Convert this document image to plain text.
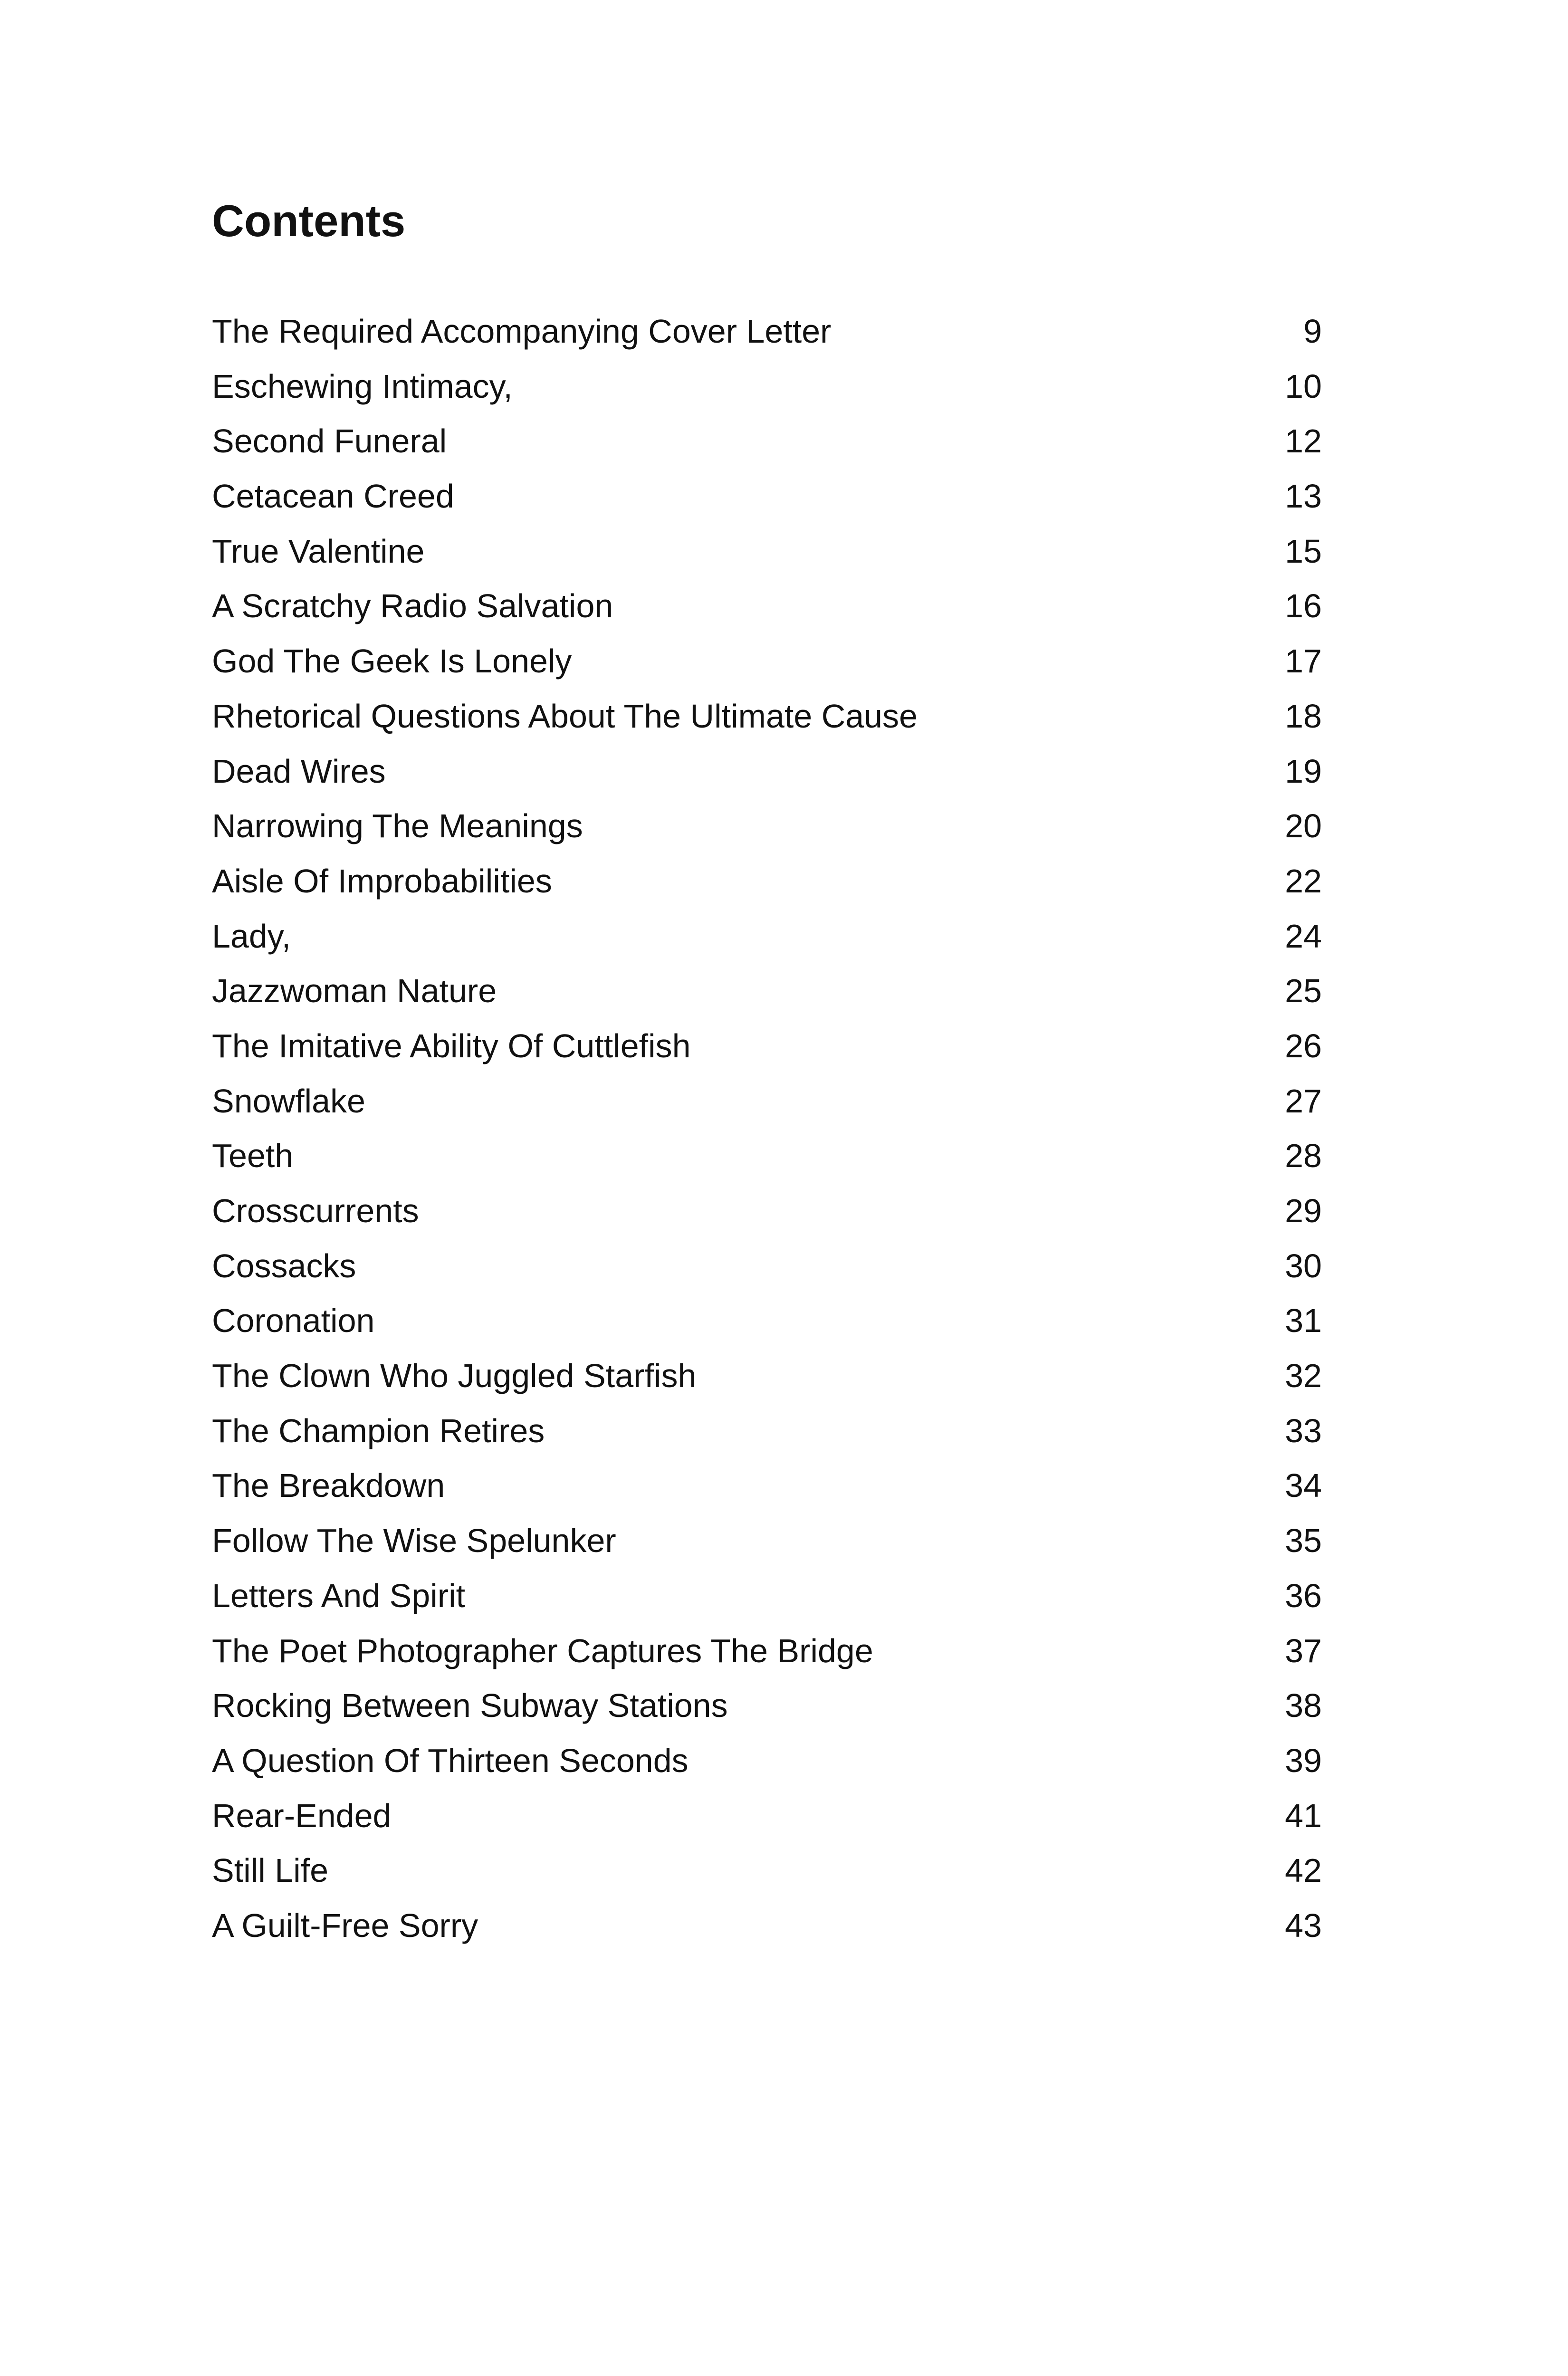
Contents
The Required Accompanying Cover Letter	9
Eschewing Intimacy,	10
Second Funeral	12
Cetacean Creed	13
True Valentine	15
A Scratchy Radio Salvation	16
God The Geek Is Lonely	17
Rhetorical Questions About The Ultimate Cause	18
Dead Wires	19
Narrowing The Meanings	20
Aisle Of Improbabilities	22
Lady,	24
Jazzwoman Nature	25
The Imitative Ability Of Cuttlefish	26
Snowflake	27
Teeth	28
Crosscurrents	29
Cossacks	30
Coronation	31
The Clown Who Juggled Starfish	32
The Champion Retires	33
The Breakdown	34
Follow The Wise Spelunker	35
Letters And Spirit	36
The Poet Photographer Captures The Bridge	37
Rocking Between Subway Stations	38
A Question Of Thirteen Seconds	39
Rear-Ended	41
Still Life	42
A Guilt-Free Sorry	43
